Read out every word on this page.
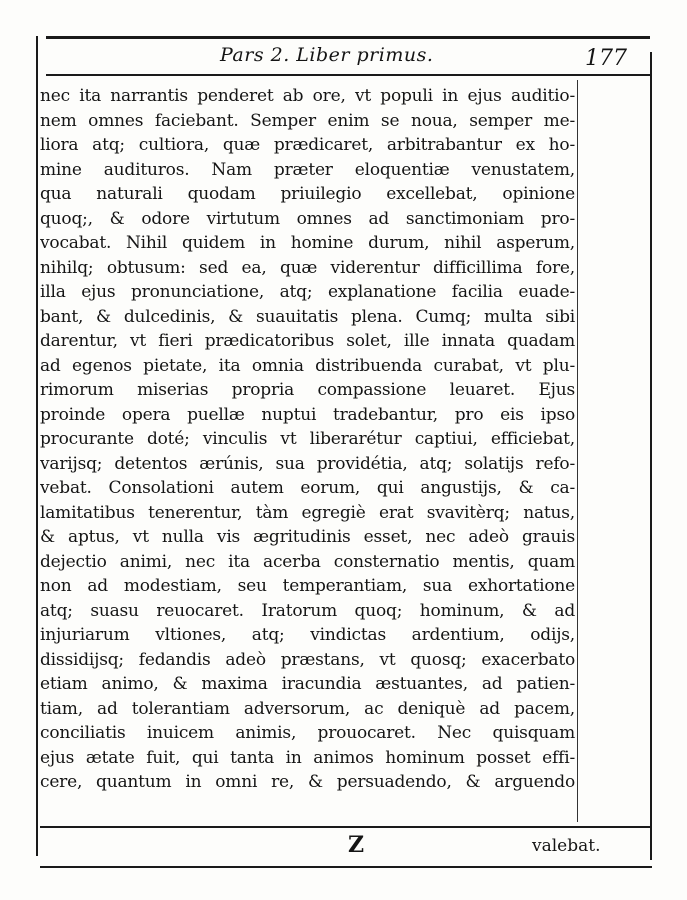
Pars 2. Liber primus.	177
nec ita narrantis penderet ab ore, vt populi in ejus auditio-
nem omnes faciebant. Semper enim se noua, semper me-
liora atq; cultiora, quæ prædicaret, arbitrabantur ex ho-
mine audituros. Nam præter eloquentiæ venustatem,
qua naturali quodam priuilegio excellebat, opinione
quoq;, & odore virtutum omnes ad sanctimoniam pro-
vocabat. Nihil quidem in homine durum, nihil asperum,
nihilq; obtusum: sed ea, quæ viderentur difficillima fore,
illa ejus pronunciatione, atq; explanatione facilia euade-
bant, & dulcedinis, & suauitatis plena. Cumq; multa sibi
darentur, vt fieri prædicatoribus solet, ille innata quadam
ad egenos pietate, ita omnia distribuenda curabat, vt plu-
rimorum miserias propria compassione leuaret. Ejus
proinde opera puellæ nuptui tradebantur, pro eis ipso
procurante doté; vinculis vt liberarétur captiui, efficiebat,
varijsq; detentos ærúnis, sua providétia, atq; solatijs refo-
vebat. Consolationi autem eorum, qui angustijs, & ca-
lamitatibus tenerentur, tàm egregiè erat svavitèrq; natus,
& aptus, vt nulla vis ægritudinis esset, nec adeò grauis
dejectio animi, nec ita acerba consternatio mentis, quam
non ad modestiam, seu temperantiam, sua exhortatione
atq; suasu reuocaret. Iratorum quoq; hominum, & ad
injuriarum vltiones, atq; vindictas ardentium, odijs,
dissidijsq; fedandis adeò præstans, vt quosq; exacerbato
etiam animo, & maxima iracundia æstuantes, ad patien-
tiam, ad tolerantiam adversorum, ac deniquè ad pacem,
conciliatis inuicem animis, prouocaret. Nec quisquam
ejus ætate fuit, qui tanta in animos hominum posset effi-
cere, quantum in omni re, & persuadendo, & arguendo
Z	valebat.
